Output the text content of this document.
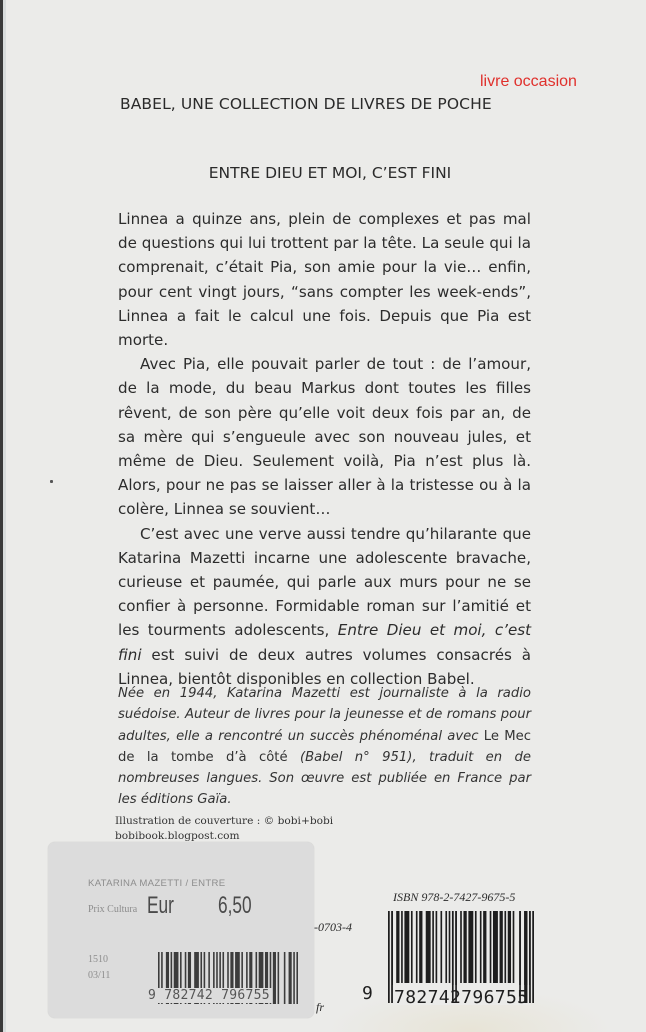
livre occasion
BABEL, UNE COLLECTION DE LIVRES DE POCHE
ENTRE DIEU ET MOI, C’EST FINI

Linnea a quinze ans, plein de complexes et pas mal de questions qui lui trottent par la tête. La seule qui la comprenait, c’était Pia, son amie pour la vie… enfin, pour cent vingt jours, “sans compter les week-ends”, Linnea a fait le calcul une fois. Depuis que Pia est morte.

Avec Pia, elle pouvait parler de tout : de l’amour, de la mode, du beau Markus dont toutes les filles rêvent, de son père qu’elle voit deux fois par an, de sa mère qui s’engueule avec son nouveau jules, et même de Dieu. Seulement voilà, Pia n’est plus là. Alors, pour ne pas se laisser aller à la tristesse ou à la colère, Linnea se souvient…

C’est avec une verve aussi tendre qu’hilarante que Katarina Mazetti incarne une adolescente bravache, curieuse et paumée, qui parle aux murs pour ne se confier à personne. Formidable roman sur l’amitié et les tourments adolescents, Entre Dieu et moi, c’est fini est suivi de deux autres volumes consacrés à Linnea, bientôt disponibles en collection Babel.

Née en 1944, Katarina Mazetti est journaliste à la radio suédoise. Auteur de livres pour la jeunesse et de romans pour adultes, elle a rencontré un succès phénoménal avec Le Mec de la tombe d’à côté (Babel n° 951), traduit en de nombreuses langues. Son œuvre est publiée en France par les éditions Gaïa.
Illustration de couverture : © bobi+bobi
bobibook.blogpost.com
-0703-4
fr
ISBN 978-2-7427-9675-5
9 782742796755
KATARINA MAZETTI / ENTRE
Prix Cultura Eur 6,50
1510
03/11
9 782742 796755
